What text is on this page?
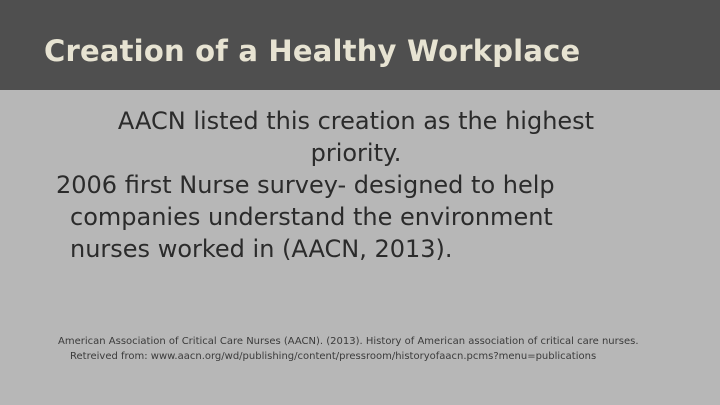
Creation of a Healthy Workplace
AACN listed this creation as the highest
priority.
2006 first Nurse survey- designed to help
companies understand the environment
nurses worked in (AACN, 2013).
American Association of Critical Care Nurses (AACN). (2013). History of American association of critical care nurses.
Retreived from: www.aacn.org/wd/publishing/content/pressroom/historyofaacn.pcms?menu=publications
